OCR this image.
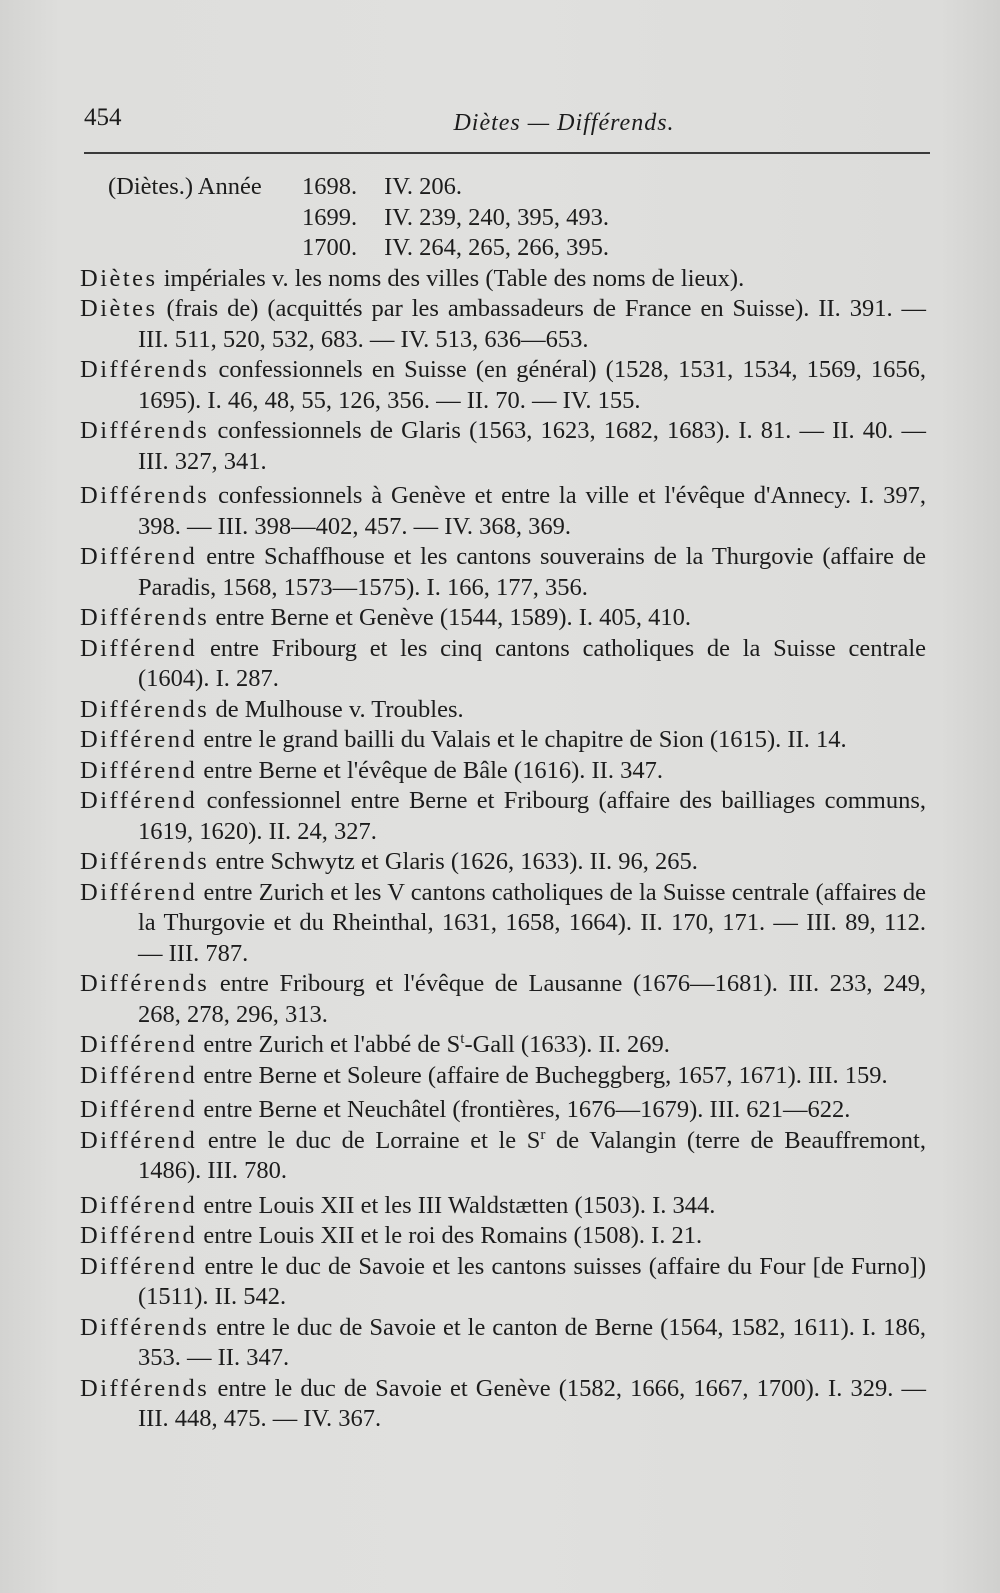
454	Diètes — Différends.
(Diètes.) Année 1698. IV. 206.
1699. IV. 239, 240, 395, 493.
1700. IV. 264, 265, 266, 395.
Diètes impériales v. les noms des villes (Table des noms de lieux).
Diètes (frais de) (acquittés par les ambassadeurs de France en Suisse). II. 391. — III. 511, 520, 532, 683. — IV. 513, 636—653.
Différends confessionnels en Suisse (en général) (1528, 1531, 1534, 1569, 1656, 1695). I. 46, 48, 55, 126, 356. — II. 70. — IV. 155.
Différends confessionnels de Glaris (1563, 1623, 1682, 1683). I. 81. — II. 40. — III. 327, 341.
Différends confessionnels à Genève et entre la ville et l'évêque d'Annecy. I. 397, 398. — III. 398—402, 457. — IV. 368, 369.
Différend entre Schaffhouse et les cantons souverains de la Thurgovie (affaire de Paradis, 1568, 1573—1575). I. 166, 177, 356.
Différends entre Berne et Genève (1544, 1589). I. 405, 410.
Différend entre Fribourg et les cinq cantons catholiques de la Suisse centrale (1604). I. 287.
Différends de Mulhouse v. Troubles.
Différend entre le grand bailli du Valais et le chapitre de Sion (1615). II. 14.
Différend entre Berne et l'évêque de Bâle (1616). II. 347.
Différend confessionnel entre Berne et Fribourg (affaire des bailliages communs, 1619, 1620). II. 24, 327.
Différends entre Schwytz et Glaris (1626, 1633). II. 96, 265.
Différend entre Zurich et les V cantons catholiques de la Suisse centrale (affaires de la Thurgovie et du Rheinthal, 1631, 1658, 1664). II. 170, 171. — III. 89, 112. — III. 787.
Différends entre Fribourg et l'évêque de Lausanne (1676—1681). III. 233, 249, 268, 278, 296, 313.
Différend entre Zurich et l'abbé de $S^t$-Gall (1633). II. 269.
Différend entre Berne et Soleure (affaire de Bucheggberg, 1657, 1671). III. 159.
Différend entre Berne et Neuchâtel (frontières, 1676—1679). III. 621—622.
Différend entre le duc de Lorraine et le $S^r$ de Valangin (terre de Beauffremont, 1486). III. 780.
Différend entre Louis XII et les III Waldstætten (1503). I. 344.
Différend entre Louis XII et le roi des Romains (1508). I. 21.
Différend entre le duc de Savoie et les cantons suisses (affaire du Four [de Furno]) (1511). II. 542.
Différends entre le duc de Savoie et le canton de Berne (1564, 1582, 1611). I. 186, 353. — II. 347.
Différends entre le duc de Savoie et Genève (1582, 1666, 1667, 1700). I. 329. — III. 448, 475. — IV. 367.
